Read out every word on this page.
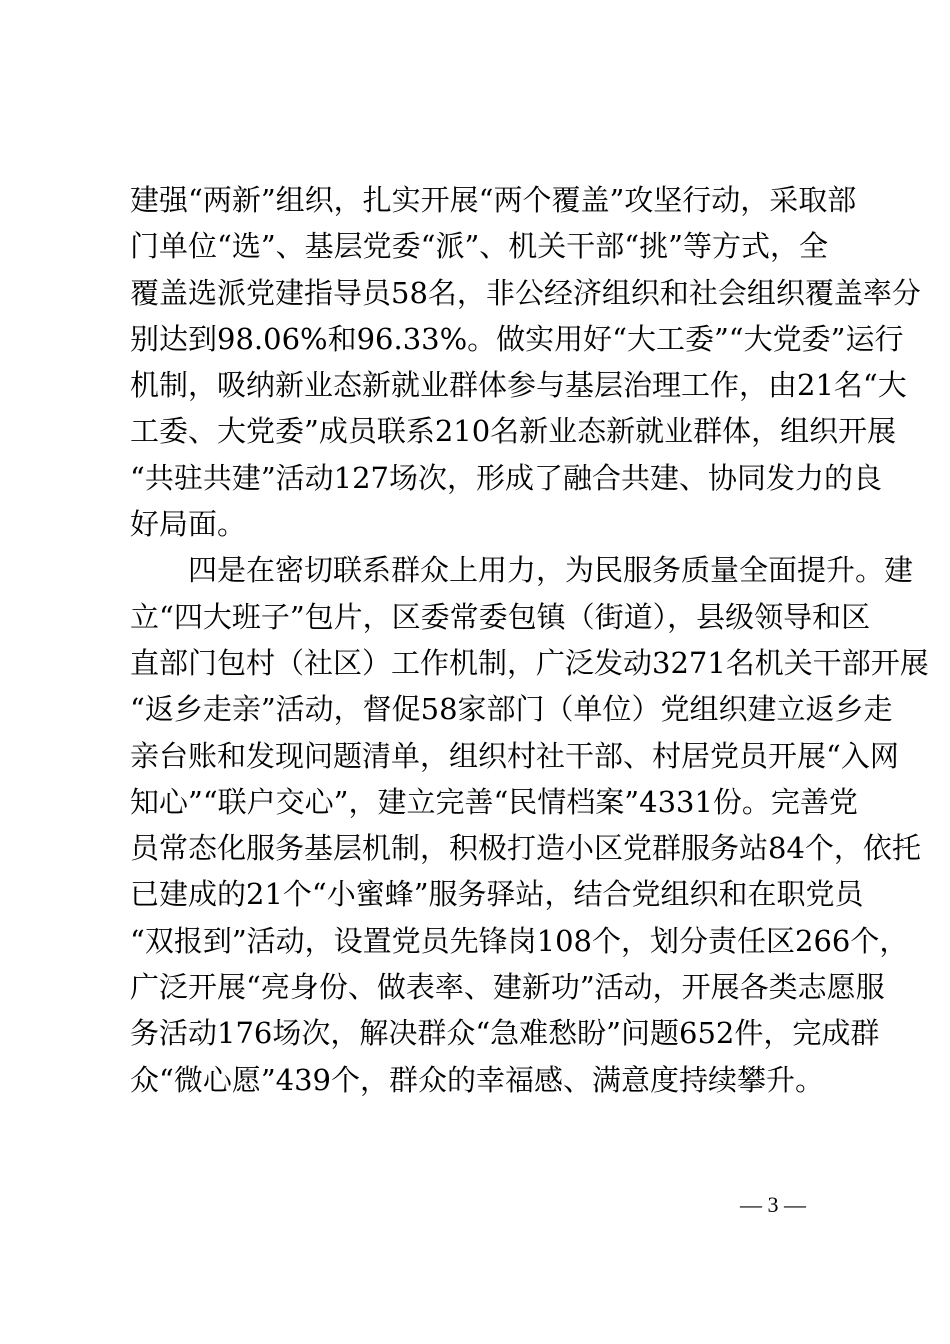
建强“两新”组织，扎实开展“两个覆盖”攻坚行动，采取部
门单位“选”、基层党委“派”、机关干部“挑”等方式，全
覆盖选派党建指导员58名，非公经济组织和社会组织覆盖率分
别达到98.06%和96.33%。做实用好“大工委”“大党委”运行
机制，吸纳新业态新就业群体参与基层治理工作，由21名“大
工委、大党委”成员联系210名新业态新就业群体，组织开展
“共驻共建”活动127场次，形成了融合共建、协同发力的良
好局面。
四是在密切联系群众上用力，为民服务质量全面提升。建
立“四大班子”包片，区委常委包镇（街道），县级领导和区
直部门包村（社区）工作机制，广泛发动3271名机关干部开展
“返乡走亲”活动，督促58家部门（单位）党组织建立返乡走
亲台账和发现问题清单，组织村社干部、村居党员开展“入网
知心”“联户交心”，建立完善“民情档案”4331份。完善党
员常态化服务基层机制，积极打造小区党群服务站84个，依托
已建成的21个“小蜜蜂”服务驿站，结合党组织和在职党员
“双报到”活动，设置党员先锋岗108个，划分责任区266个，
广泛开展“亮身份、做表率、建新功”活动，开展各类志愿服
务活动176场次，解决群众“急难愁盼”问题652件，完成群
众“微心愿”439个，群众的幸福感、满意度持续攀升。
— 3 —
